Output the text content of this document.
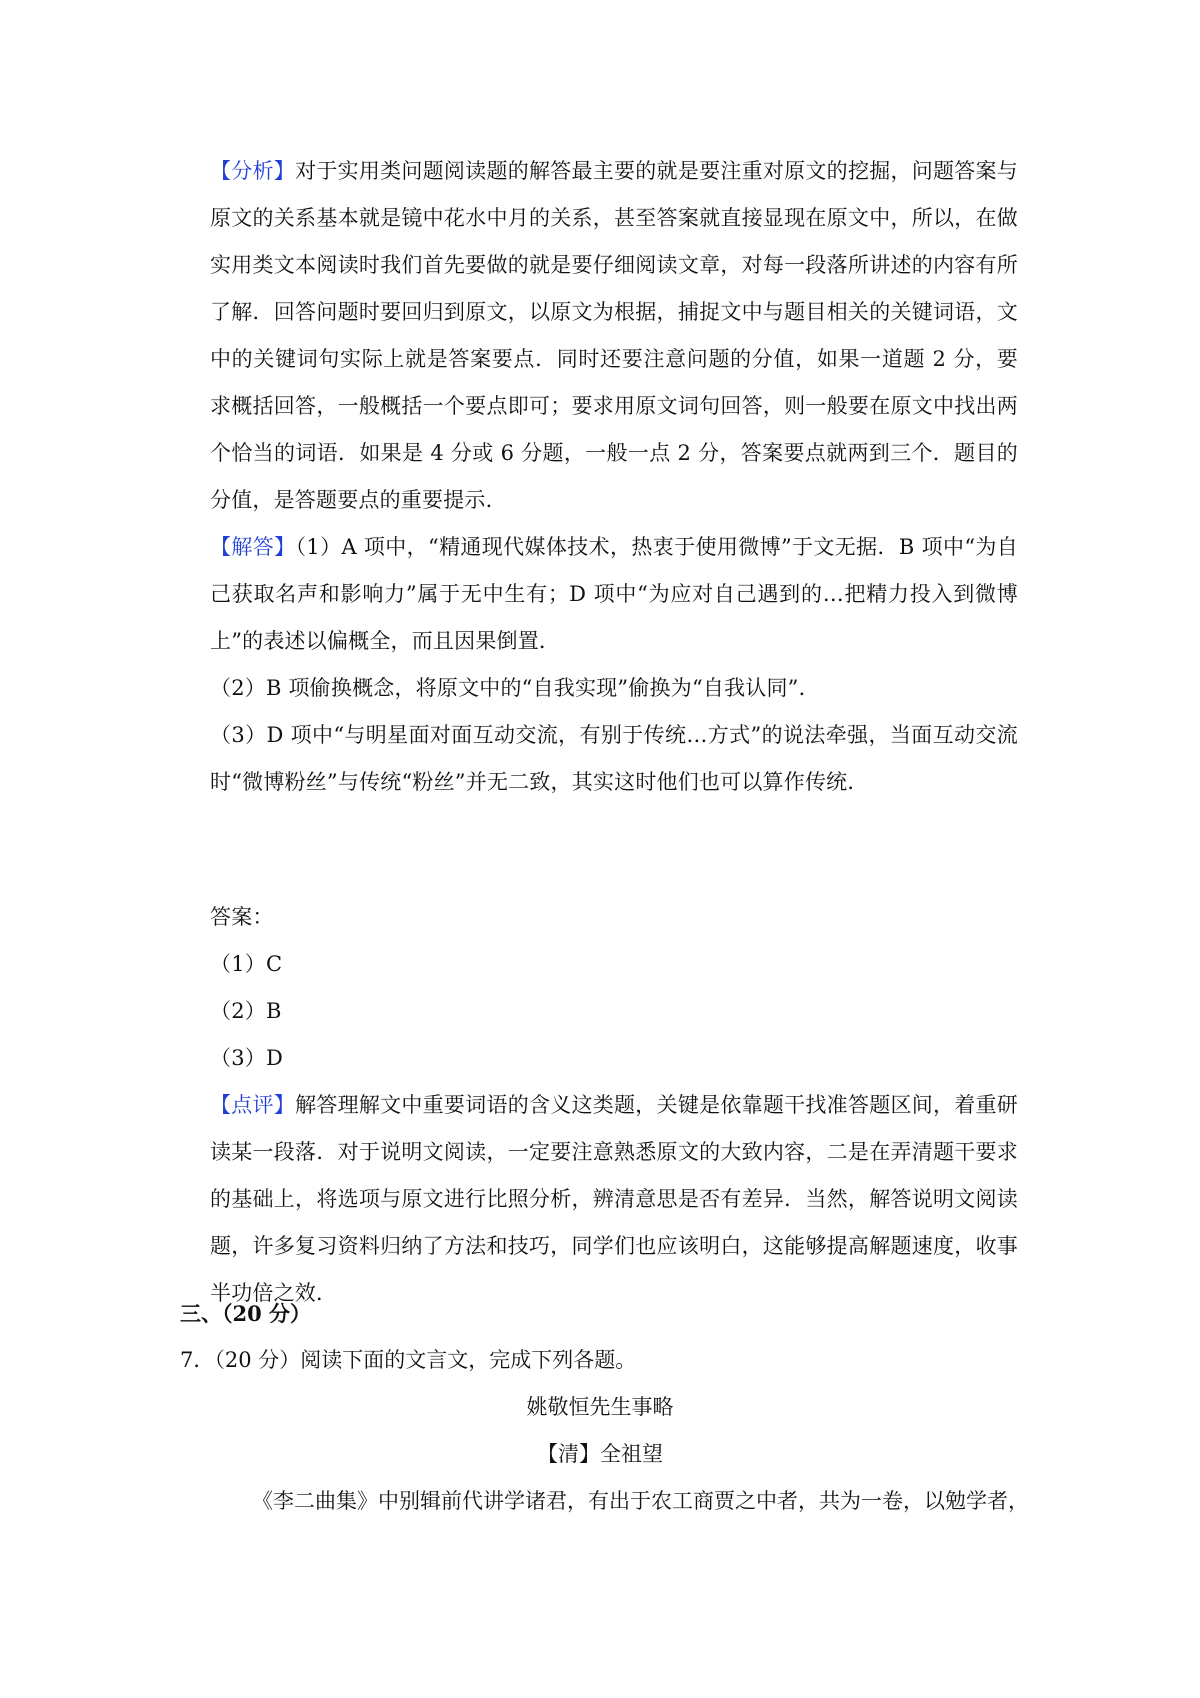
【分析】对于实用类问题阅读题的解答最主要的就是要注重对原文的挖掘，问题答案与原文的关系基本就是镜中花水中月的关系，甚至答案就直接显现在原文中，所以，在做实用类文本阅读时我们首先要做的就是要仔细阅读文章，对每一段落所讲述的内容有所了解．回答问题时要回归到原文，以原文为根据，捕捉文中与题目相关的关键词语，文中的关键词句实际上就是答案要点．同时还要注意问题的分值，如果一道题 2 分，要求概括回答，一般概括一个要点即可；要求用原文词句回答，则一般要在原文中找出两个恰当的词语．如果是 4 分或 6 分题，一般一点 2 分，答案要点就两到三个．题目的分值，是答题要点的重要提示．

【解答】（1）A 项中，“精通现代媒体技术，热衷于使用微博”于文无据．B 项中“为自己获取名声和影响力”属于无中生有；D 项中“为应对自己遇到的…把精力投入到微博上”的表述以偏概全，而且因果倒置．

（2）B 项偷换概念，将原文中的“自我实现”偷换为“自我认同”．

（3）D 项中“与明星面对面互动交流，有别于传统…方式”的说法牵强，当面互动交流时“微博粉丝”与传统“粉丝”并无二致，其实这时他们也可以算作传统．

答案：

（1）C

（2）B

（3）D

【点评】解答理解文中重要词语的含义这类题，关键是依靠题干找准答题区间，着重研读某一段落．对于说明文阅读，一定要注意熟悉原文的大致内容，二是在弄清题干要求的基础上，将选项与原文进行比照分析，辨清意思是否有差异．当然，解答说明文阅读题，许多复习资料归纳了方法和技巧，同学们也应该明白，这能够提高解题速度，收事半功倍之效．

三、（20 分）

7．（20 分）阅读下面的文言文，完成下列各题。

姚敬恒先生事略

【清】全祖望

《李二曲集》中别辑前代讲学诸君，有出于农工商贾之中者，共为一卷，以勉学者，
